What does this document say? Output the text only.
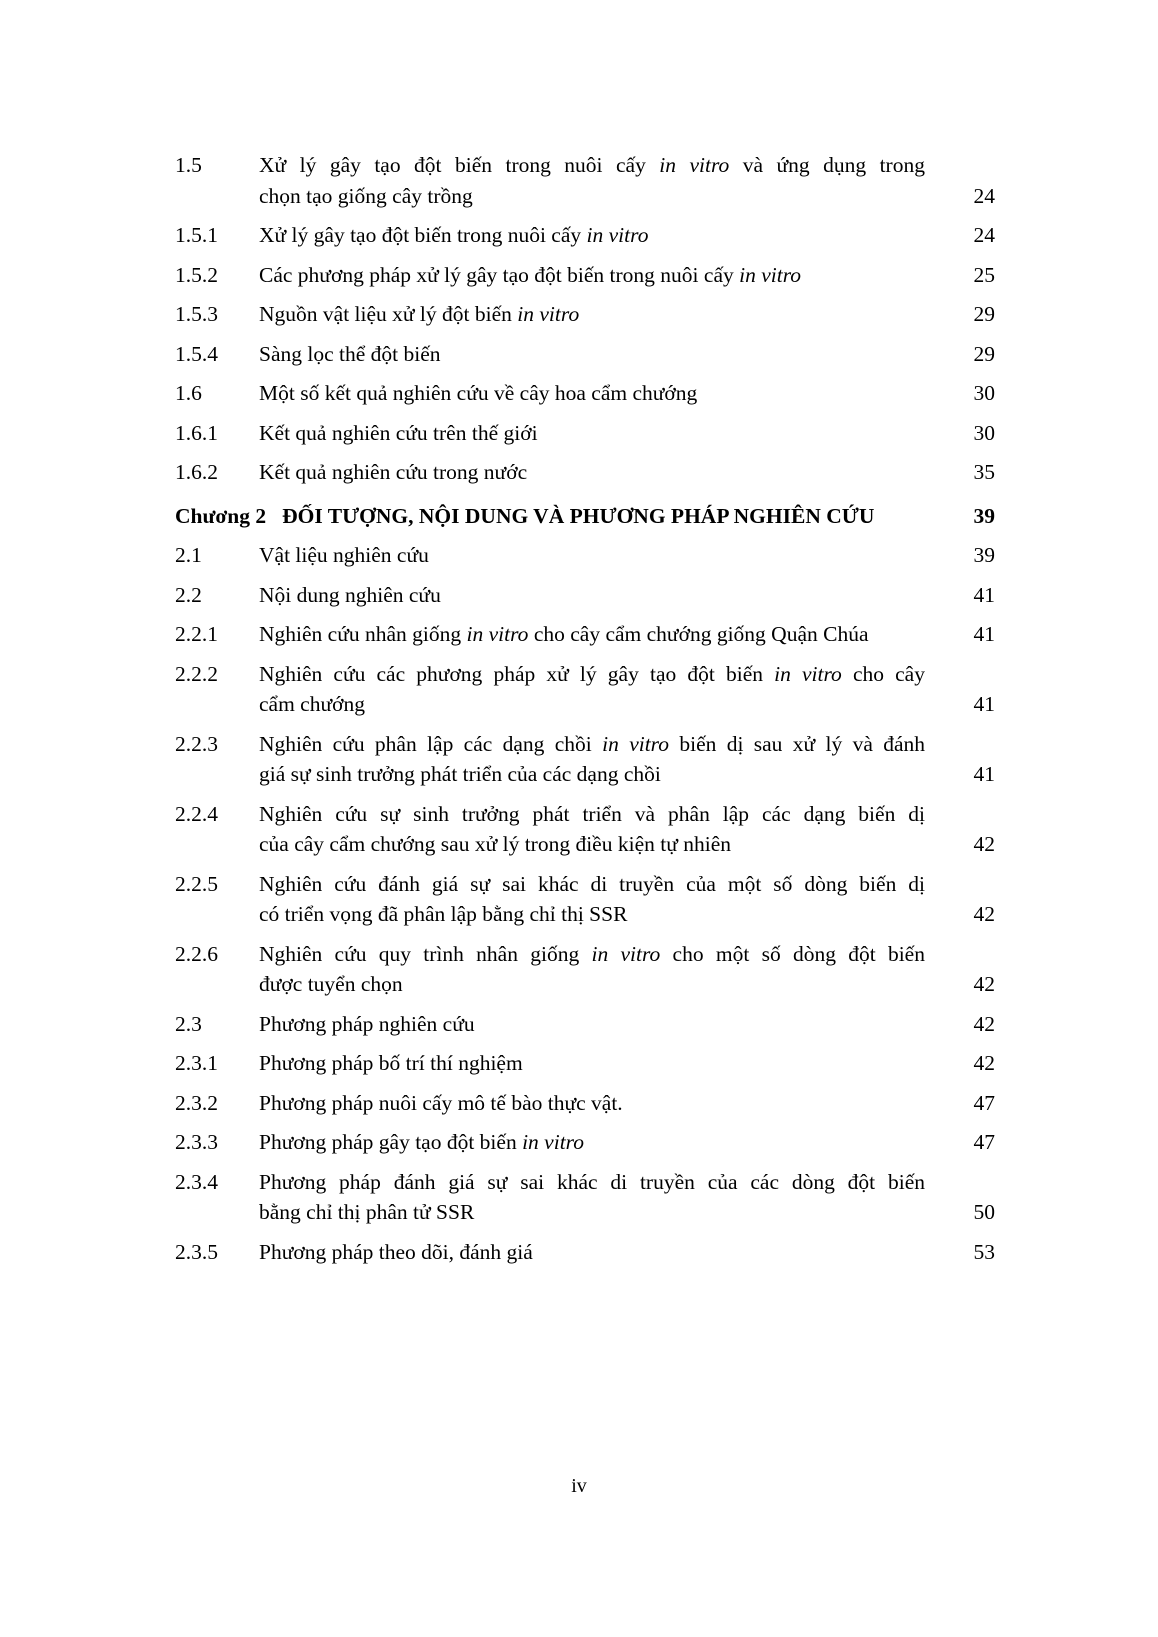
1.5	Xử lý gây tạo đột biến trong nuôi cấy in vitro và ứng dụng trong
chọn tạo giống cây trồng	24
1.5.1	Xử lý gây tạo đột biến trong nuôi cấy in vitro	24
1.5.2	Các phương pháp xử lý gây tạo đột biến trong nuôi cấy in vitro	25
1.5.3	Nguồn vật liệu xử lý đột biến in vitro	29
1.5.4	Sàng lọc thể đột biến	29
1.6	Một số kết quả nghiên cứu về cây hoa cẩm chướng	30
1.6.1	Kết quả nghiên cứu trên thế giới	30
1.6.2	Kết quả nghiên cứu trong nước	35
Chương 2 ĐỐI TƯỢNG, NỘI DUNG VÀ PHƯƠNG PHÁP NGHIÊN CỨU	39
2.1	Vật liệu nghiên cứu	39
2.2	Nội dung nghiên cứu	41
2.2.1	Nghiên cứu nhân giống in vitro cho cây cẩm chướng giống Quận Chúa	41
2.2.2	Nghiên cứu các phương pháp xử lý gây tạo đột biến in vitro cho cây
cẩm chướng	41
2.2.3	Nghiên cứu phân lập các dạng chồi in vitro biến dị sau xử lý và đánh
giá sự sinh trưởng phát triển của các dạng chồi	41
2.2.4	Nghiên cứu sự sinh trưởng phát triển và phân lập các dạng biến dị
của cây cẩm chướng sau xử lý trong điều kiện tự nhiên	42
2.2.5	Nghiên cứu đánh giá sự sai khác di truyền của một số dòng biến dị
có triển vọng đã phân lập bằng chỉ thị SSR	42
2.2.6	Nghiên cứu quy trình nhân giống in vitro cho một số dòng đột biến
được tuyển chọn	42
2.3	Phương pháp nghiên cứu	42
2.3.1	Phương pháp bố trí thí nghiệm	42
2.3.2	Phương pháp nuôi cấy mô tế bào thực vật.	47
2.3.3	Phương pháp gây tạo đột biến in vitro	47
2.3.4	Phương pháp đánh giá sự sai khác di truyền của các dòng đột biến
bằng chỉ thị phân tử SSR	50
2.3.5	Phương pháp theo dõi, đánh giá	53
iv
